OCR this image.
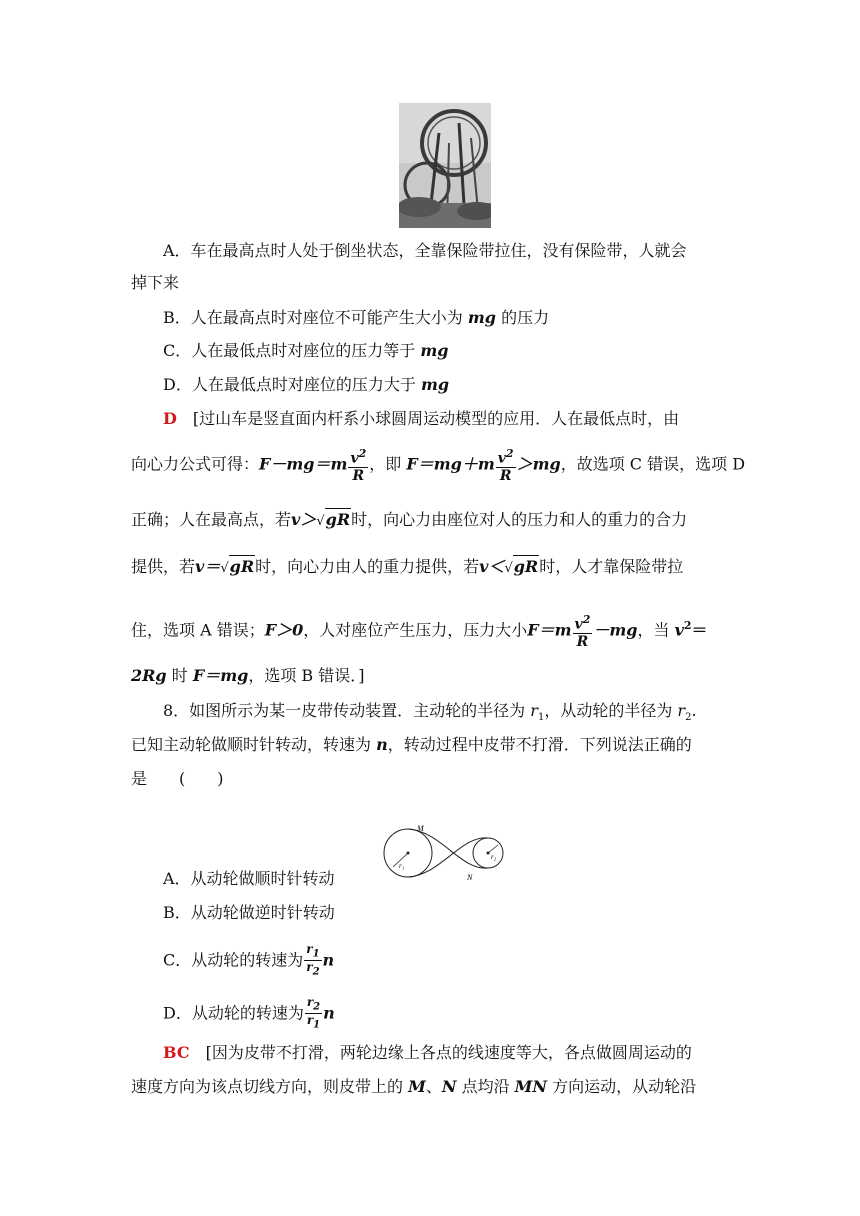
A．车在最高点时人处于倒坐状态，全靠保险带拉住，没有保险带，人就会
掉下来
B．人在最高点时对座位不可能产生大小为 mg 的压力
C．人在最低点时对座位的压力等于 mg
D．人在最低点时对座位的压力大于 mg
D　 [过山车是竖直面内杆系小球圆周运动模型的应用．人在最低点时，由
向心力公式可得：$F-mg=m \frac{v^2}{R}$ ，即 $F=mg+m \frac{v^2}{R} >mg$，故选项 C 错误，选项 D
正确；人在最高点，若v＞√gR时，向心力由座位对人的压力和人的重力的合力
提供，若v＝√gR时，向心力由人的重力提供，若v＜√gR时，人才靠保险带拉
住，选项 A 错误；F＞0，人对座位产生压力，压力大小$F=m \frac{v^2}{R} -mg$，当 $v^2=$
2Rg 时 F＝mg，选项 B 错误．]
8．如图所示为某一皮带传动装置．主动轮的半径为 $r_1$，从动轮的半径为 $r_2$.
已知主动轮做顺时针转动，转速为 n，转动过程中皮带不打滑．下列说法正确的
是　　(　　)
M
N
r₁
r₂
A．从动轮做顺时针转动
B．从动轮做逆时针转动
C．从动轮的转速为 $\frac{r_1}{r_2}$ n
D．从动轮的转速为 $\frac{r_2}{r_1}$ n
BC　 [因为皮带不打滑，两轮边缘上各点的线速度等大，各点做圆周运动的
速度方向为该点切线方向，则皮带上的 M、N 点均沿 MN 方向运动，从动轮沿
